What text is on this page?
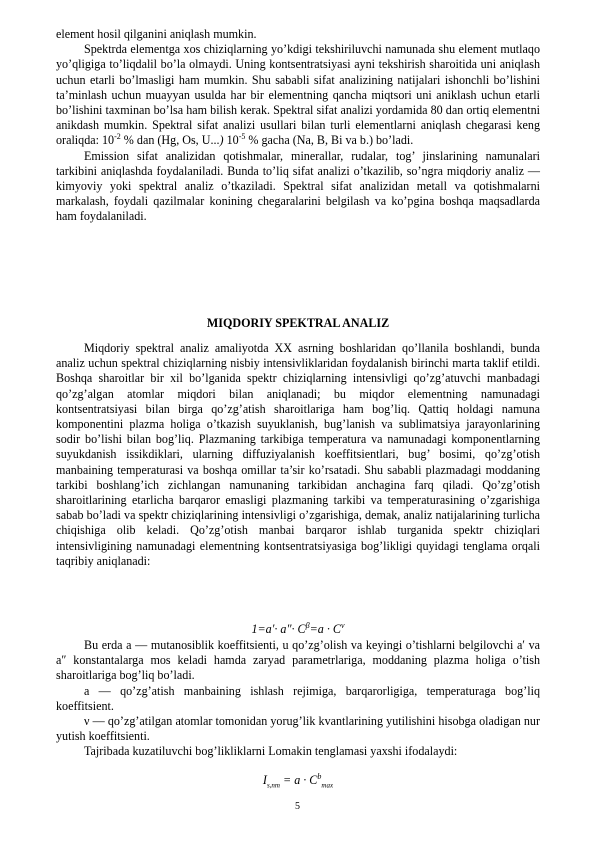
element hosil qilganini aniqlash mumkin.

Spektrda elementga xos chiziqlarning yo’kdigi tekshiriluvchi namunada shu element mutlaqo yo’qligiga to’liqdalil bo’la olmaydi. Uning kontsentratsiyasi ayni tekshirish sharoitida uni aniqlash uchun etarli bo’lmasligi ham mumkin. Shu sababli sifat analizining natijalari ishonchli bo’lishini ta’minlash uchun muayyan usulda har bir elementning qancha miqtsori uni aniklash uchun etarli bo’lishini taxminan bo’lsa ham bilish kerak. Spektral sifat analizi yordamida 80 dan ortiq elementni anikdash mumkin. Spektral sifat analizi usullari bilan turli elementlarni aniqlash chegarasi keng oraliqda: $10^{-2}$ % dan (Hg, Os, U...) $10^{-5}$ % gacha (Na, B, Bi va b.) bo’ladi.

Emission sifat analizidan qotishmalar, minerallar, rudalar, tog’ jinslarining namunalari tarkibini aniqlashda foydalaniladi. Bunda to’liq sifat analizi o’tkazilib, so’ngra miqdoriy analiz — kimyoviy yoki spektral analiz o’tkaziladi. Spektral sifat analizidan metall va qotishmalarni markalash, foydali qazilmalar konining chegaralarini belgilash va ko’pgina boshqa maqsadlarda ham foydalaniladi.

MIQDORIY SPEKTRAL ANALIZ

Miqdoriy spektral analiz amaliyotda XX asrning boshlaridan qo’llanila boshlandi, bunda analiz uchun spektral chiziqlarning nisbiy intensivliklaridan foydalanish birinchi marta taklif etildi. Boshqa sharoitlar bir xil bo’lganida spektr chiziqlarning intensivligi qo’zg’atuvchi manbadagi qo’zg’algan atomlar miqdori bilan aniqlanadi; bu miqdor elementning namunadagi kontsentratsiyasi bilan birga qo’zg’atish sharoitlariga ham bog’liq. Qattiq holdagi namuna komponentini plazma holiga o’tkazish suyuklanish, bug’lanish va sublimatsiya jarayonlarining sodir bo’lishi bilan bog’liq. Plazmaning tarkibiga temperatura va namunadagi komponentlarning suyukdanish issikdiklari, ularning diffuziyalanish koeffitsientlari, bug’ bosimi, qo’zg’otish manbaining temperaturasi va boshqa omillar ta’sir ko’rsatadi. Shu sababli plazmadagi moddaning tarkibi boshlang’ich zichlangan namunaning tarkibidan anchagina farq qiladi. Qo’zg’otish sharoitlarining etarlicha barqaror emasligi plazmaning tarkibi va temperaturasining o’zgarishiga sabab bo’ladi va spektr chiziqlarining intensivligi o’zgarishiga, demak, analiz natijalarining turlicha chiqishiga olib keladi. Qo’zg’otish manbai barqaror ishlab turganida spektr chiziqlari intensivligining namunadagi elementning kontsentratsiyasiga bog’likligi quyidagi tenglama orqali taqribiy aniqlanadi:

$1=a'\cdot a''\cdot C^\beta=a \cdot C^\nu$

Bu erda a — mutanosiblik koeffitsienti, u qo’zg’olish va keyingi o’tishlarni belgilovchi a′ va a″ konstantalarga mos keladi hamda zaryad parametrlariga, moddaning plazma holiga o’tish sharoitlariga bog’liq bo’ladi.

a — qo’zg’atish manbaining ishlash rejimiga, barqarorligiga, temperaturaga bog’liq koeffitsient.

ν — qo’zg’atilgan atomlar tomonidan yorug’lik kvantlarining yutilishini hisobga oladigan nur yutish koeffitsienti.

Tajribada kuzatiluvchi bog’likliklarni Lomakin tenglamasi yaxshi ifodalaydi:

$I_{s,nm} = a \cdot C^b_{max}$
5
